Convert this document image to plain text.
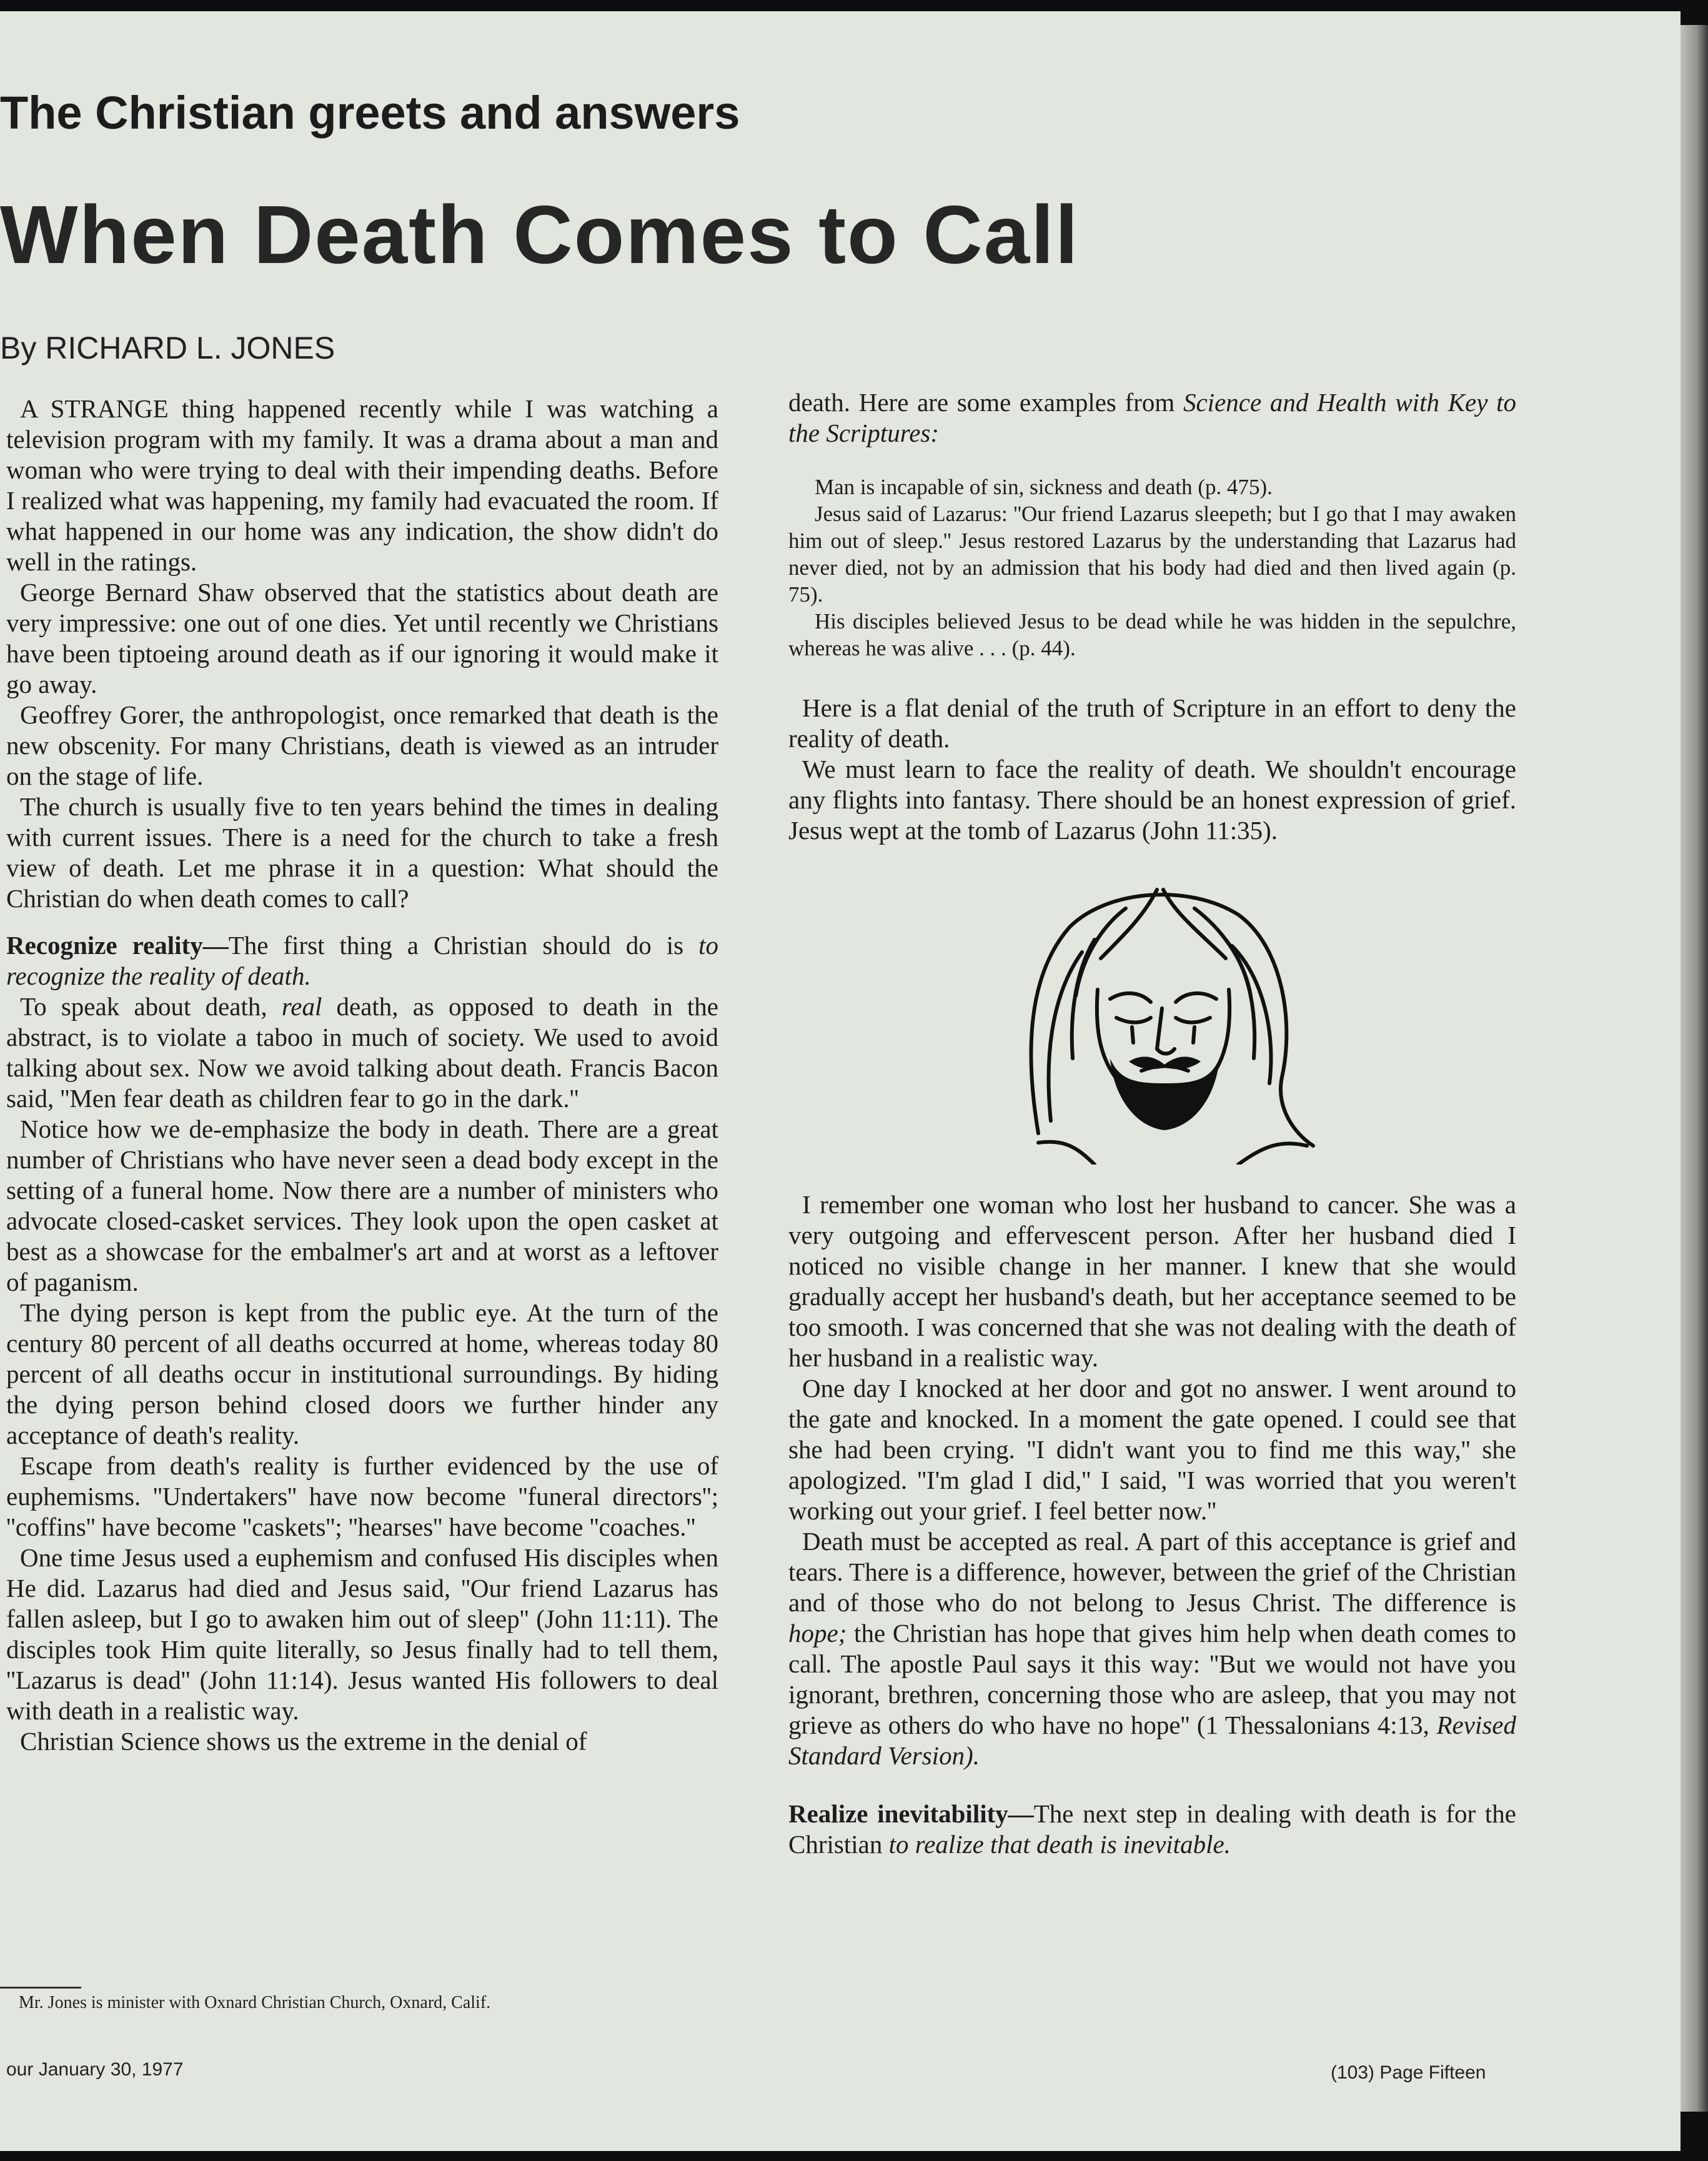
The Christian greets and answers
When Death Comes to Call
By RICHARD L. JONES

A STRANGE thing happened recently while I was watching a television program with my family. It was a drama about a man and woman who were trying to deal with their impending deaths. Before I realized what was happening, my family had evacuated the room. If what happened in our home was any indication, the show didn't do well in the ratings.

George Bernard Shaw observed that the statistics about death are very impressive: one out of one dies. Yet until recently we Christians have been tiptoeing around death as if our ignoring it would make it go away.

Geoffrey Gorer, the anthropologist, once remarked that death is the new obscenity. For many Christians, death is viewed as an intruder on the stage of life.

The church is usually five to ten years behind the times in dealing with current issues. There is a need for the church to take a fresh view of death. Let me phrase it in a question: What should the Christian do when death comes to call?

Recognize reality—The first thing a Christian should do is to recognize the reality of death.

To speak about death, real death, as opposed to death in the abstract, is to violate a taboo in much of society. We used to avoid talking about sex. Now we avoid talking about death. Francis Bacon said, ''Men fear death as children fear to go in the dark.''

Notice how we de-emphasize the body in death. There are a great number of Christians who have never seen a dead body except in the setting of a funeral home. Now there are a number of ministers who advocate closed-casket services. They look upon the open casket at best as a showcase for the embalmer's art and at worst as a leftover of paganism.

The dying person is kept from the public eye. At the turn of the century 80 percent of all deaths occurred at home, whereas today 80 percent of all deaths occur in institutional surroundings. By hiding the dying person behind closed doors we further hinder any acceptance of death's reality.

Escape from death's reality is further evidenced by the use of euphemisms. ''Undertakers'' have now become ''funeral directors''; ''coffins'' have become ''caskets''; ''hearses'' have become ''coaches.''

One time Jesus used a euphemism and confused His disciples when He did. Lazarus had died and Jesus said, ''Our friend Lazarus has fallen asleep, but I go to awaken him out of sleep'' (John 11:11). The disciples took Him quite literally, so Jesus finally had to tell them, ''Lazarus is dead'' (John 11:14). Jesus wanted His followers to deal with death in a realistic way.

Christian Science shows us the extreme in the denial of

death. Here are some examples from Science and Health with Key to the Scriptures:

Man is incapable of sin, sickness and death (p. 475).

Jesus said of Lazarus: ''Our friend Lazarus sleepeth; but I go that I may awaken him out of sleep.'' Jesus restored Lazarus by the understanding that Lazarus had never died, not by an admission that his body had died and then lived again (p. 75).

His disciples believed Jesus to be dead while he was hidden in the sepulchre, whereas he was alive . . . (p. 44).

Here is a flat denial of the truth of Scripture in an effort to deny the reality of death.

We must learn to face the reality of death. We shouldn't encourage any flights into fantasy. There should be an honest expression of grief. Jesus wept at the tomb of Lazarus (John 11:35).

I remember one woman who lost her husband to cancer. She was a very outgoing and effervescent person. After her husband died I noticed no visible change in her manner. I knew that she would gradually accept her husband's death, but her acceptance seemed to be too smooth. I was concerned that she was not dealing with the death of her husband in a realistic way.

One day I knocked at her door and got no answer. I went around to the gate and knocked. In a moment the gate opened. I could see that she had been crying. ''I didn't want you to find me this way,'' she apologized. ''I'm glad I did,'' I said, ''I was worried that you weren't working out your grief. I feel better now.''

Death must be accepted as real. A part of this acceptance is grief and tears. There is a difference, however, between the grief of the Christian and of those who do not belong to Jesus Christ. The difference is hope; the Christian has hope that gives him help when death comes to call. The apostle Paul says it this way: ''But we would not have you ignorant, brethren, concerning those who are asleep, that you may not grieve as others do who have no hope'' (1 Thessalonians 4:13, Revised Standard Version).

Realize inevitability—The next step in dealing with death is for the Christian to realize that death is inevitable.

Mr. Jones is minister with Oxnard Christian Church, Oxnard, Calif.
our January 30, 1977	(103) Page Fifteen
